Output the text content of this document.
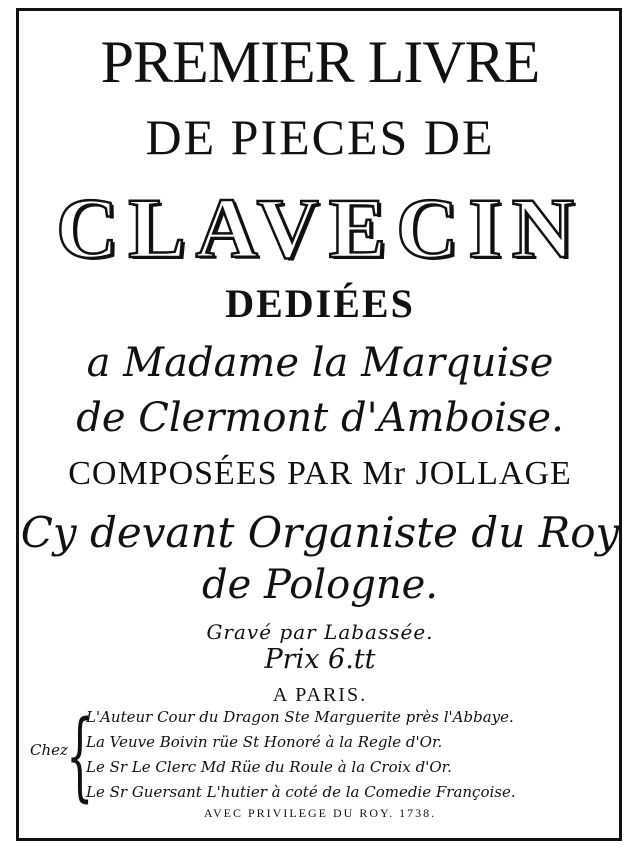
PREMIER LIVRE
DE PIECES DE
CLAVECIN
DEDIÉES
a Madame la Marquise
de Clermont d'Amboise.
COMPOSÉES PAR Mr JOLLAGE
Cy devant Organiste du Roy
de Pologne.
Gravé par Labassée.
Prix 6.tt
A PARIS.
Chez
{
L'Auteur Cour du Dragon Ste Marguerite près l'Abbaye.
La Veuve Boivin rüe St Honoré à la Regle d'Or.
Le Sr Le Clerc Md Rüe du Roule à la Croix d'Or.
Le Sr Guersant L'hutier à coté de la Comedie Françoise.
AVEC PRIVILEGE DU ROY. 1738.
